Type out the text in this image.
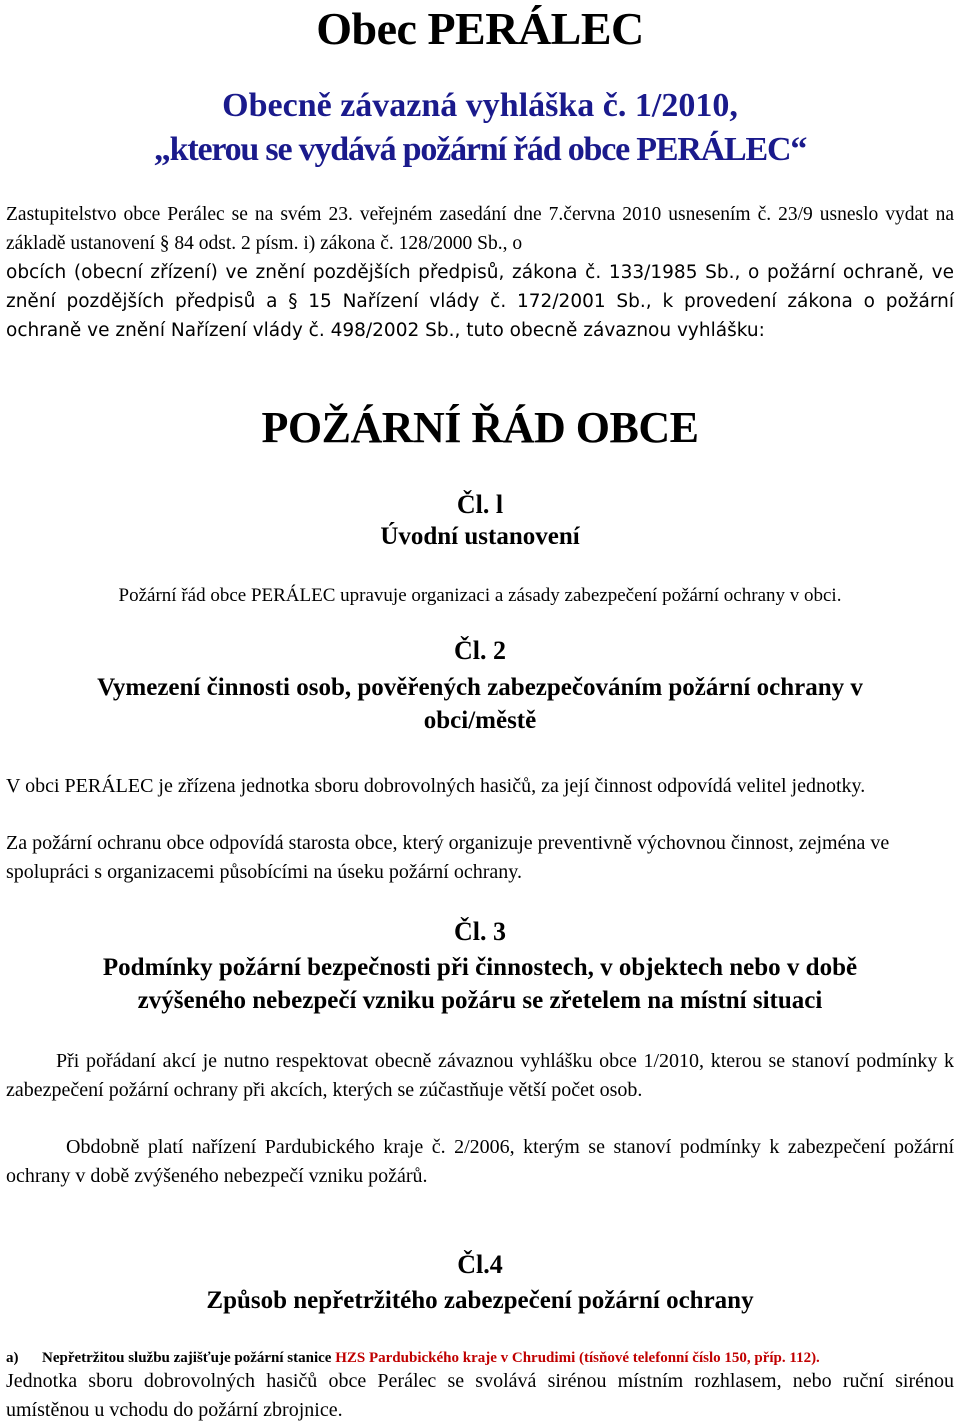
Obec PERÁLEC
Obecně závazná vyhláška č. 1/2010,
„kterou se vydává požární řád obce PERÁLEC“
Zastupitelstvo obce Perálec se na svém 23. veřejném zasedání dne 7.června 2010 usnesením č. 23/9 usneslo vydat na základě ustanovení § 84 odst. 2 písm. i) zákona č. 128/2000 Sb., o
obcích (obecní zřízení) ve znění pozdějších předpisů, zákona č. 133/1985 Sb., o požární ochraně, ve znění pozdějších předpisů a § 15 Nařízení vlády č. 172/2001 Sb., k provedení zákona o požární ochraně ve znění Nařízení vlády č. 498/2002 Sb., tuto obecně závaznou vyhlášku:
POŽÁRNÍ ŘÁD OBCE
Čl. l
Úvodní ustanovení
Požární řád obce PERÁLEC upravuje organizaci a zásady zabezpečení požární ochrany v obci.
Čl. 2
Vymezení činnosti osob, pověřených zabezpečováním požární ochrany v
obci/městě
V obci PERÁLEC je zřízena jednotka sboru dobrovolných hasičů, za její činnost odpovídá velitel jednotky.
Za požární ochranu obce odpovídá starosta obce, který organizuje preventivně výchovnou činnost, zejména ve spolupráci s organizacemi působícími na úseku požární ochrany.
Čl. 3
Podmínky požární bezpečnosti při činnostech, v objektech nebo v době
zvýšeného nebezpečí vzniku požáru se zřetelem na místní situaci
Při pořádaní akcí je nutno respektovat obecně závaznou vyhlášku obce 1/2010, kterou se stanoví podmínky k zabezpečení požární ochrany při akcích, kterých se zúčastňuje větší počet osob.
Obdobně platí nařízení Pardubického kraje č. 2/2006, kterým se stanoví podmínky k zabezpečení požární ochrany v době zvýšeného nebezpečí vzniku požárů.
Čl.4
Způsob nepřetržitého zabezpečení požární ochrany
a) Nepřetržitou službu zajišťuje požární stanice HZS Pardubického kraje v Chrudimi (tísňové telefonní číslo 150, příp. 112).
Jednotka sboru dobrovolných hasičů obce Perálec se svolává sirénou místním rozhlasem, nebo ruční sirénou umístěnou u vchodu do požární zbrojnice.
